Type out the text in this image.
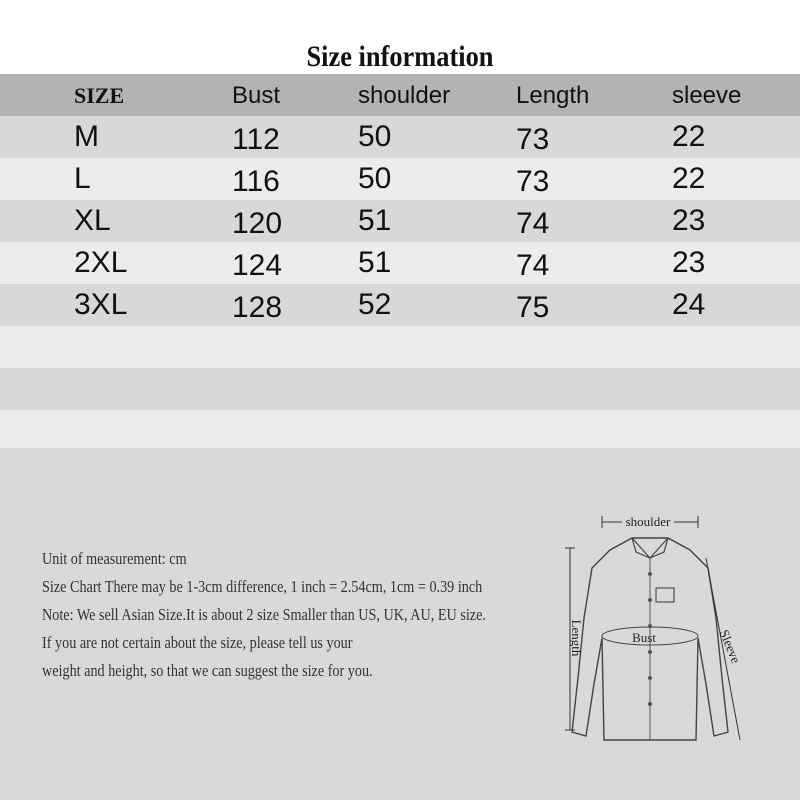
Size information
SIZE	Bust	shoulder	Length	sleeve
M	112	50	73	22
L	116	50	73	22
XL	120	51	74	23
2XL	124	51	74	23
3XL	128	52	75	24
Unit of measurement: cm
Size Chart There may be 1-3cm difference, 1 inch = 2.54cm, 1cm = 0.39 inch
Note: We sell Asian Size.It is about 2 size Smaller than US, UK, AU, EU size.
If you are not certain about the size, please tell us your
weight and height, so that we can suggest the size for you.
shoulder
Bust
Length	Sleeve
